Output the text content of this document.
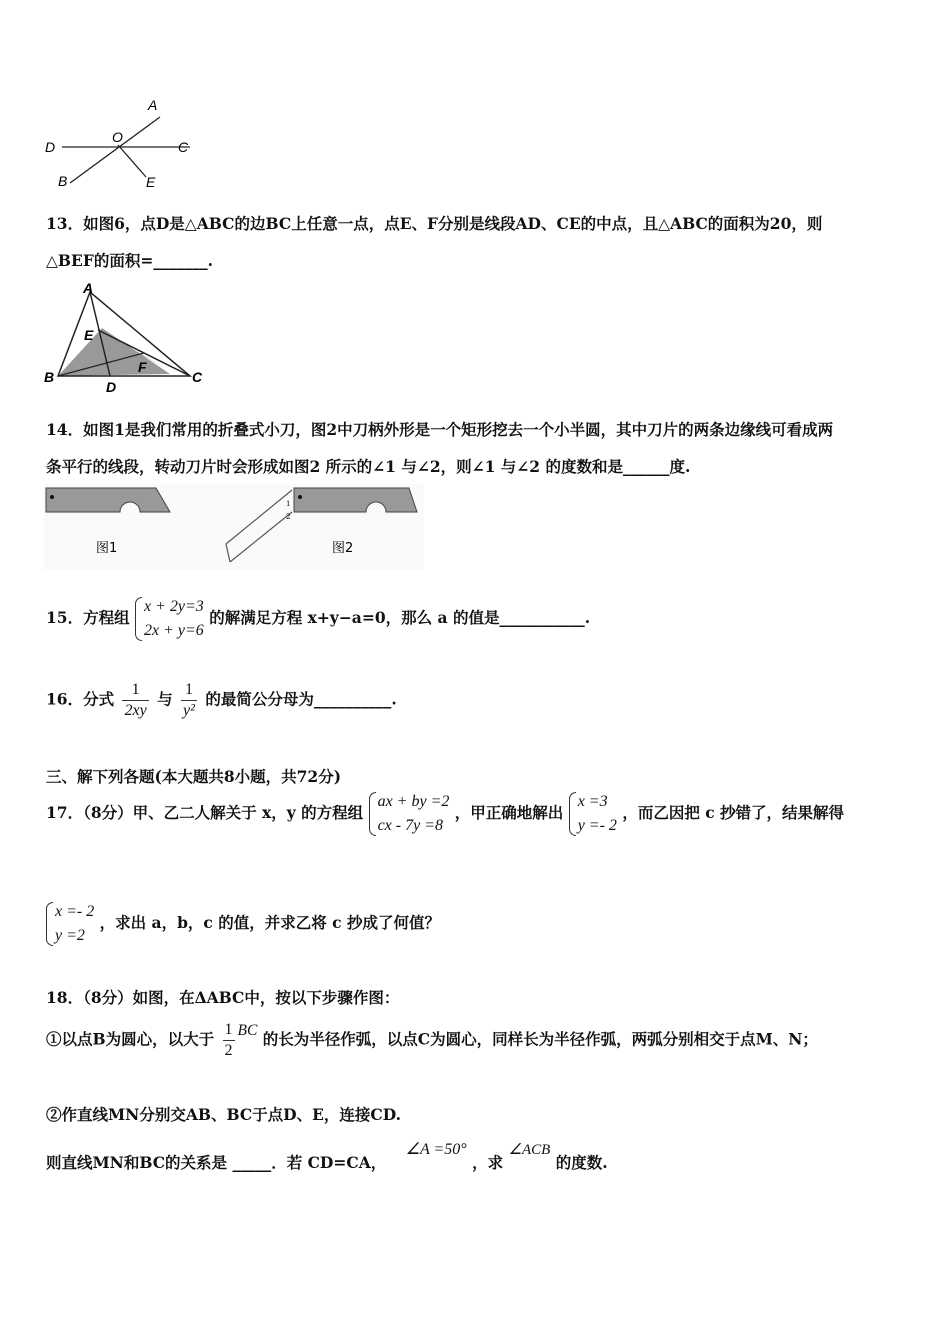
A
O
D	C
B	E
13．如图6，点D是△ABC的边BC上任意一点，点E、F分别是线段AD、CE的中点，且△ABC的面积为20，则
△BEF的面积=_______.
A
E
F
B
D
C
14．如图1是我们常用的折叠式小刀，图2中刀柄外形是一个矩形挖去一个小半圆，其中刀片的两条边缘线可看成两
条平行的线段，转动刀片时会形成如图2 所示的∠1 与∠2，则∠1 与∠2 的度数和是______度.
图1
1
2
图2
15．方程组
x + 2y=3
2x + y=6
的解满足方程 x+y−a=0，那么 a 的值是___________.
16．分式 $\frac{1}{2xy}$ 与 $\frac{1}{\text{y²}}$ 的最简公分母为__________.
三、解下列各题(本大题共8小题，共72分)
17．（8分）甲、乙二人解关于 x，y 的方程组
ax + by =2
cx - 7y =8
，甲正确地解出
x =3
y =- 2
，而乙因把 c 抄错了，结果解得
x =- 2
y =2
，求出 a，b，c 的值，并求乙将 c 抄成了何值？
18．（8分）如图，在ΔABC中，按以下步骤作图：
①以点B为圆心，以大于 $\frac{1}{2}$ BC 的长为半径作弧，以点C为圆心，同样长为半径作弧，两弧分别相交于点M、N；
②作直线MN分别交AB、BC于点D、E，连接CD.
则直线MN和BC的关系是 _____．若 CD=CA， ∠A =50° ，求 ∠ACB 的度数.
